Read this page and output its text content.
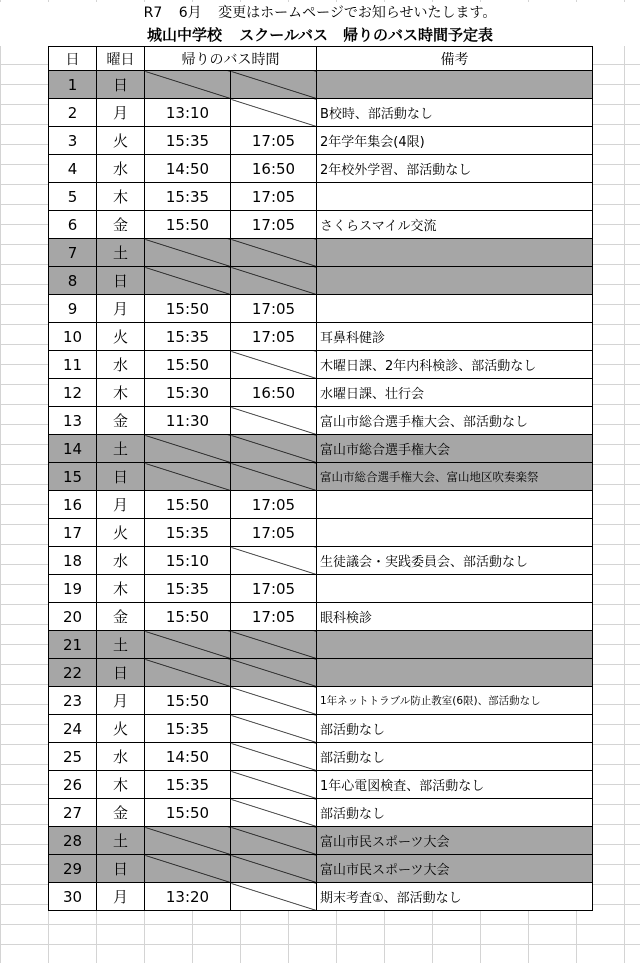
R7 6月 変更はホームページでお知らせいたします。
城山中学校 スクールバス　帰りのバス時間予定表
日	曜日	帰りのバス時間		備考
1	日			
2	月	13:10		B校時、部活動なし
3	火	15:35	17:05	2年学年集会(4限)
4	水	14:50	16:50	2年校外学習、部活動なし
5	木	15:35	17:05	
6	金	15:50	17:05	さくらスマイル交流
7	土			
8	日			
9	月	15:50	17:05	
10	火	15:35	17:05	耳鼻科健診
11	水	15:50		木曜日課、2年内科検診、部活動なし
12	木	15:30	16:50	水曜日課、壮行会
13	金	11:30		富山市総合選手権大会、部活動なし
14	土			富山市総合選手権大会
15	日			富山市総合選手権大会、富山地区吹奏楽祭
16	月	15:50	17:05	
17	火	15:35	17:05	
18	水	15:10		生徒議会・実践委員会、部活動なし
19	木	15:35	17:05	
20	金	15:50	17:05	眼科検診
21	土			
22	日			
23	月	15:50		1年ネットトラブル防止教室(6限)、部活動なし
24	火	15:35		部活動なし
25	水	14:50		部活動なし
26	木	15:35		1年心電図検査、部活動なし
27	金	15:50		部活動なし
28	土			富山市民スポーツ大会
29	日			富山市民スポーツ大会
30	月	13:20		期末考査①、部活動なし
